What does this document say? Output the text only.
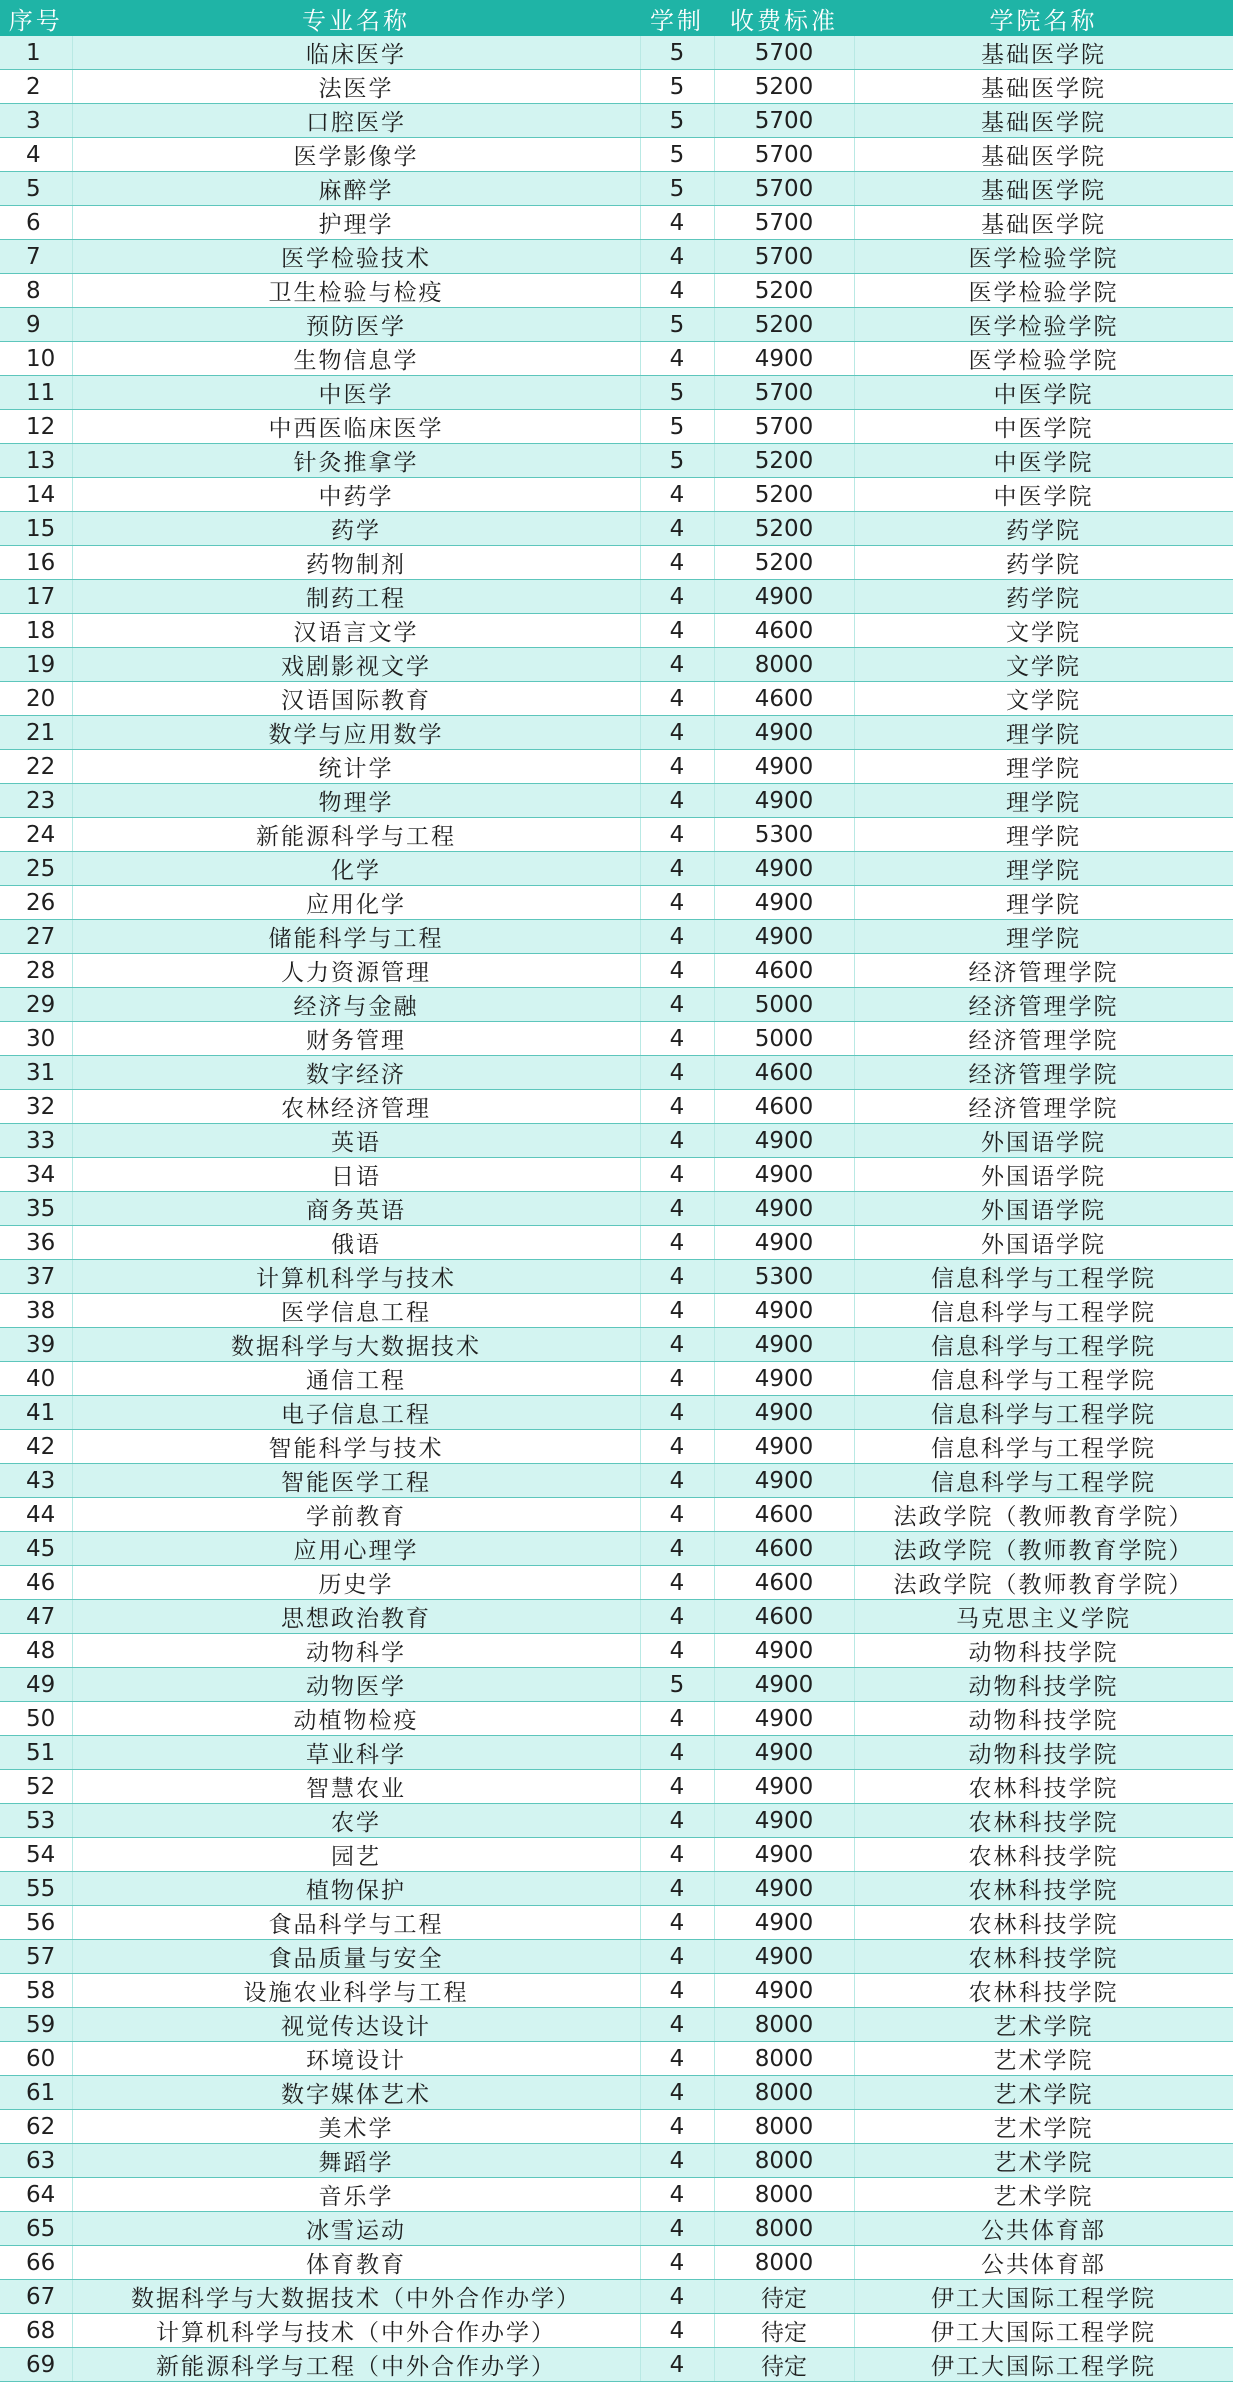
序号	专业名称	学制	收费标准	学院名称
1	临床医学	5	5700	基础医学院
2	法医学	5	5200	基础医学院
3	口腔医学	5	5700	基础医学院
4	医学影像学	5	5700	基础医学院
5	麻醉学	5	5700	基础医学院
6	护理学	4	5700	基础医学院
7	医学检验技术	4	5700	医学检验学院
8	卫生检验与检疫	4	5200	医学检验学院
9	预防医学	5	5200	医学检验学院
10	生物信息学	4	4900	医学检验学院
11	中医学	5	5700	中医学院
12	中西医临床医学	5	5700	中医学院
13	针灸推拿学	5	5200	中医学院
14	中药学	4	5200	中医学院
15	药学	4	5200	药学院
16	药物制剂	4	5200	药学院
17	制药工程	4	4900	药学院
18	汉语言文学	4	4600	文学院
19	戏剧影视文学	4	8000	文学院
20	汉语国际教育	4	4600	文学院
21	数学与应用数学	4	4900	理学院
22	统计学	4	4900	理学院
23	物理学	4	4900	理学院
24	新能源科学与工程	4	5300	理学院
25	化学	4	4900	理学院
26	应用化学	4	4900	理学院
27	储能科学与工程	4	4900	理学院
28	人力资源管理	4	4600	经济管理学院
29	经济与金融	4	5000	经济管理学院
30	财务管理	4	5000	经济管理学院
31	数字经济	4	4600	经济管理学院
32	农林经济管理	4	4600	经济管理学院
33	英语	4	4900	外国语学院
34	日语	4	4900	外国语学院
35	商务英语	4	4900	外国语学院
36	俄语	4	4900	外国语学院
37	计算机科学与技术	4	5300	信息科学与工程学院
38	医学信息工程	4	4900	信息科学与工程学院
39	数据科学与大数据技术	4	4900	信息科学与工程学院
40	通信工程	4	4900	信息科学与工程学院
41	电子信息工程	4	4900	信息科学与工程学院
42	智能科学与技术	4	4900	信息科学与工程学院
43	智能医学工程	4	4900	信息科学与工程学院
44	学前教育	4	4600	法政学院（教师教育学院）
45	应用心理学	4	4600	法政学院（教师教育学院）
46	历史学	4	4600	法政学院（教师教育学院）
47	思想政治教育	4	4600	马克思主义学院
48	动物科学	4	4900	动物科技学院
49	动物医学	5	4900	动物科技学院
50	动植物检疫	4	4900	动物科技学院
51	草业科学	4	4900	动物科技学院
52	智慧农业	4	4900	农林科技学院
53	农学	4	4900	农林科技学院
54	园艺	4	4900	农林科技学院
55	植物保护	4	4900	农林科技学院
56	食品科学与工程	4	4900	农林科技学院
57	食品质量与安全	4	4900	农林科技学院
58	设施农业科学与工程	4	4900	农林科技学院
59	视觉传达设计	4	8000	艺术学院
60	环境设计	4	8000	艺术学院
61	数字媒体艺术	4	8000	艺术学院
62	美术学	4	8000	艺术学院
63	舞蹈学	4	8000	艺术学院
64	音乐学	4	8000	艺术学院
65	冰雪运动	4	8000	公共体育部
66	体育教育	4	8000	公共体育部
67	数据科学与大数据技术（中外合作办学）	4	待定	伊工大国际工程学院
68	计算机科学与技术（中外合作办学）	4	待定	伊工大国际工程学院
69	新能源科学与工程（中外合作办学）	4	待定	伊工大国际工程学院
